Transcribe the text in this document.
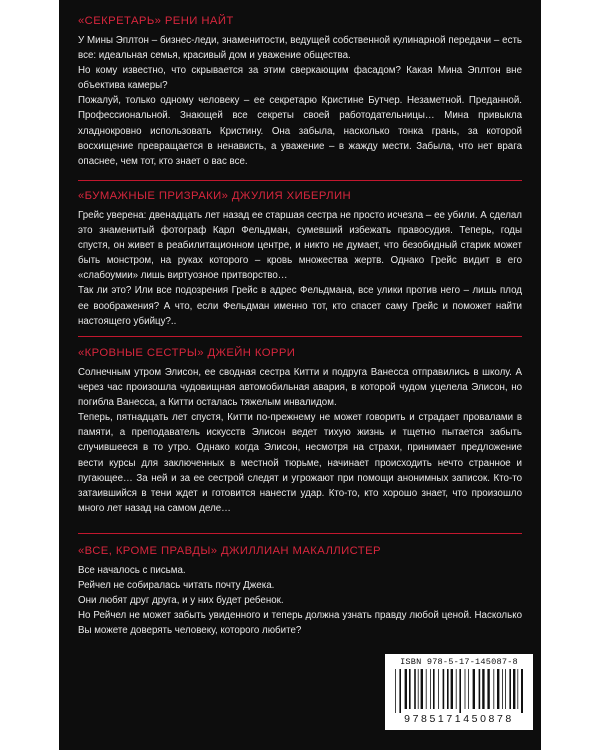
«СЕКРЕТАРЬ» РЕНИ НАЙТ

У Мины Эплтон – бизнес-леди, знаменитости, ведущей собственной кулинарной передачи – есть все: идеальная семья, красивый дом и уважение общества.

Но кому известно, что скрывается за этим сверкающим фасадом? Какая Мина Эплтон вне объектива камеры?

Пожалуй, только одному человеку – ее секретарю Кристине Бутчер. Незаметной. Преданной. Профессиональной. Знающей все секреты своей работодательницы… Мина привыкла хладнокровно использовать Кристину. Она забыла, насколько тонка грань, за которой восхищение превращается в ненависть, а уважение – в жажду мести. Забыла, что нет врага опаснее, чем тот, кто знает о вас все.

«БУМАЖНЫЕ ПРИЗРАКИ» ДЖУЛИЯ ХИБЕРЛИН

Грейс уверена: двенадцать лет назад ее старшая сестра не просто исчезла – ее убили. А сделал это знаменитый фотограф Карл Фельдман, сумевший избежать правосудия. Теперь, годы спустя, он живет в реабилитационном центре, и никто не думает, что безобидный старик может быть монстром, на руках которого – кровь множества жертв. Однако Грейс видит в его «слабоумии» лишь виртуозное притворство…

Так ли это? Или все подозрения Грейс в адрес Фельдмана, все улики против него – лишь плод ее воображения? А что, если Фельдман именно тот, кто спасет саму Грейс и поможет найти настоящего убийцу?..

«КРОВНЫЕ СЕСТРЫ» ДЖЕЙН КОРРИ

Солнечным утром Элисон, ее сводная сестра Китти и подруга Ванесса отправились в школу. А через час произошла чудовищная автомобильная авария, в которой чудом уцелела Элисон, но погибла Ванесса, а Китти осталась тяжелым инвалидом.

Теперь, пятнадцать лет спустя, Китти по-прежнему не может говорить и страдает провалами в памяти, а преподаватель искусств Элисон ведет тихую жизнь и тщетно пытается забыть случившееся в то утро. Однако когда Элисон, несмотря на страхи, принимает предложение вести курсы для заключенных в местной тюрьме, начинает происходить нечто странное и пугающее… За ней и за ее сестрой следят и угрожают при помощи анонимных записок. Кто-то затаившийся в тени ждет и готовится нанести удар. Кто-то, кто хорошо знает, что произошло много лет назад на самом деле…

«ВСЕ, КРОМЕ ПРАВДЫ» ДЖИЛЛИАН МАКАЛЛИСТЕР

Все началось с письма.

Рейчел не собиралась читать почту Джека.

Они любят друг друга, и у них будет ребенок.

Но Рейчел не может забыть увиденного и теперь должна узнать правду любой ценой. Насколько Вы можете доверять человеку, которого любите?

ISBN 978-5-17-145087-8
9785171450878
